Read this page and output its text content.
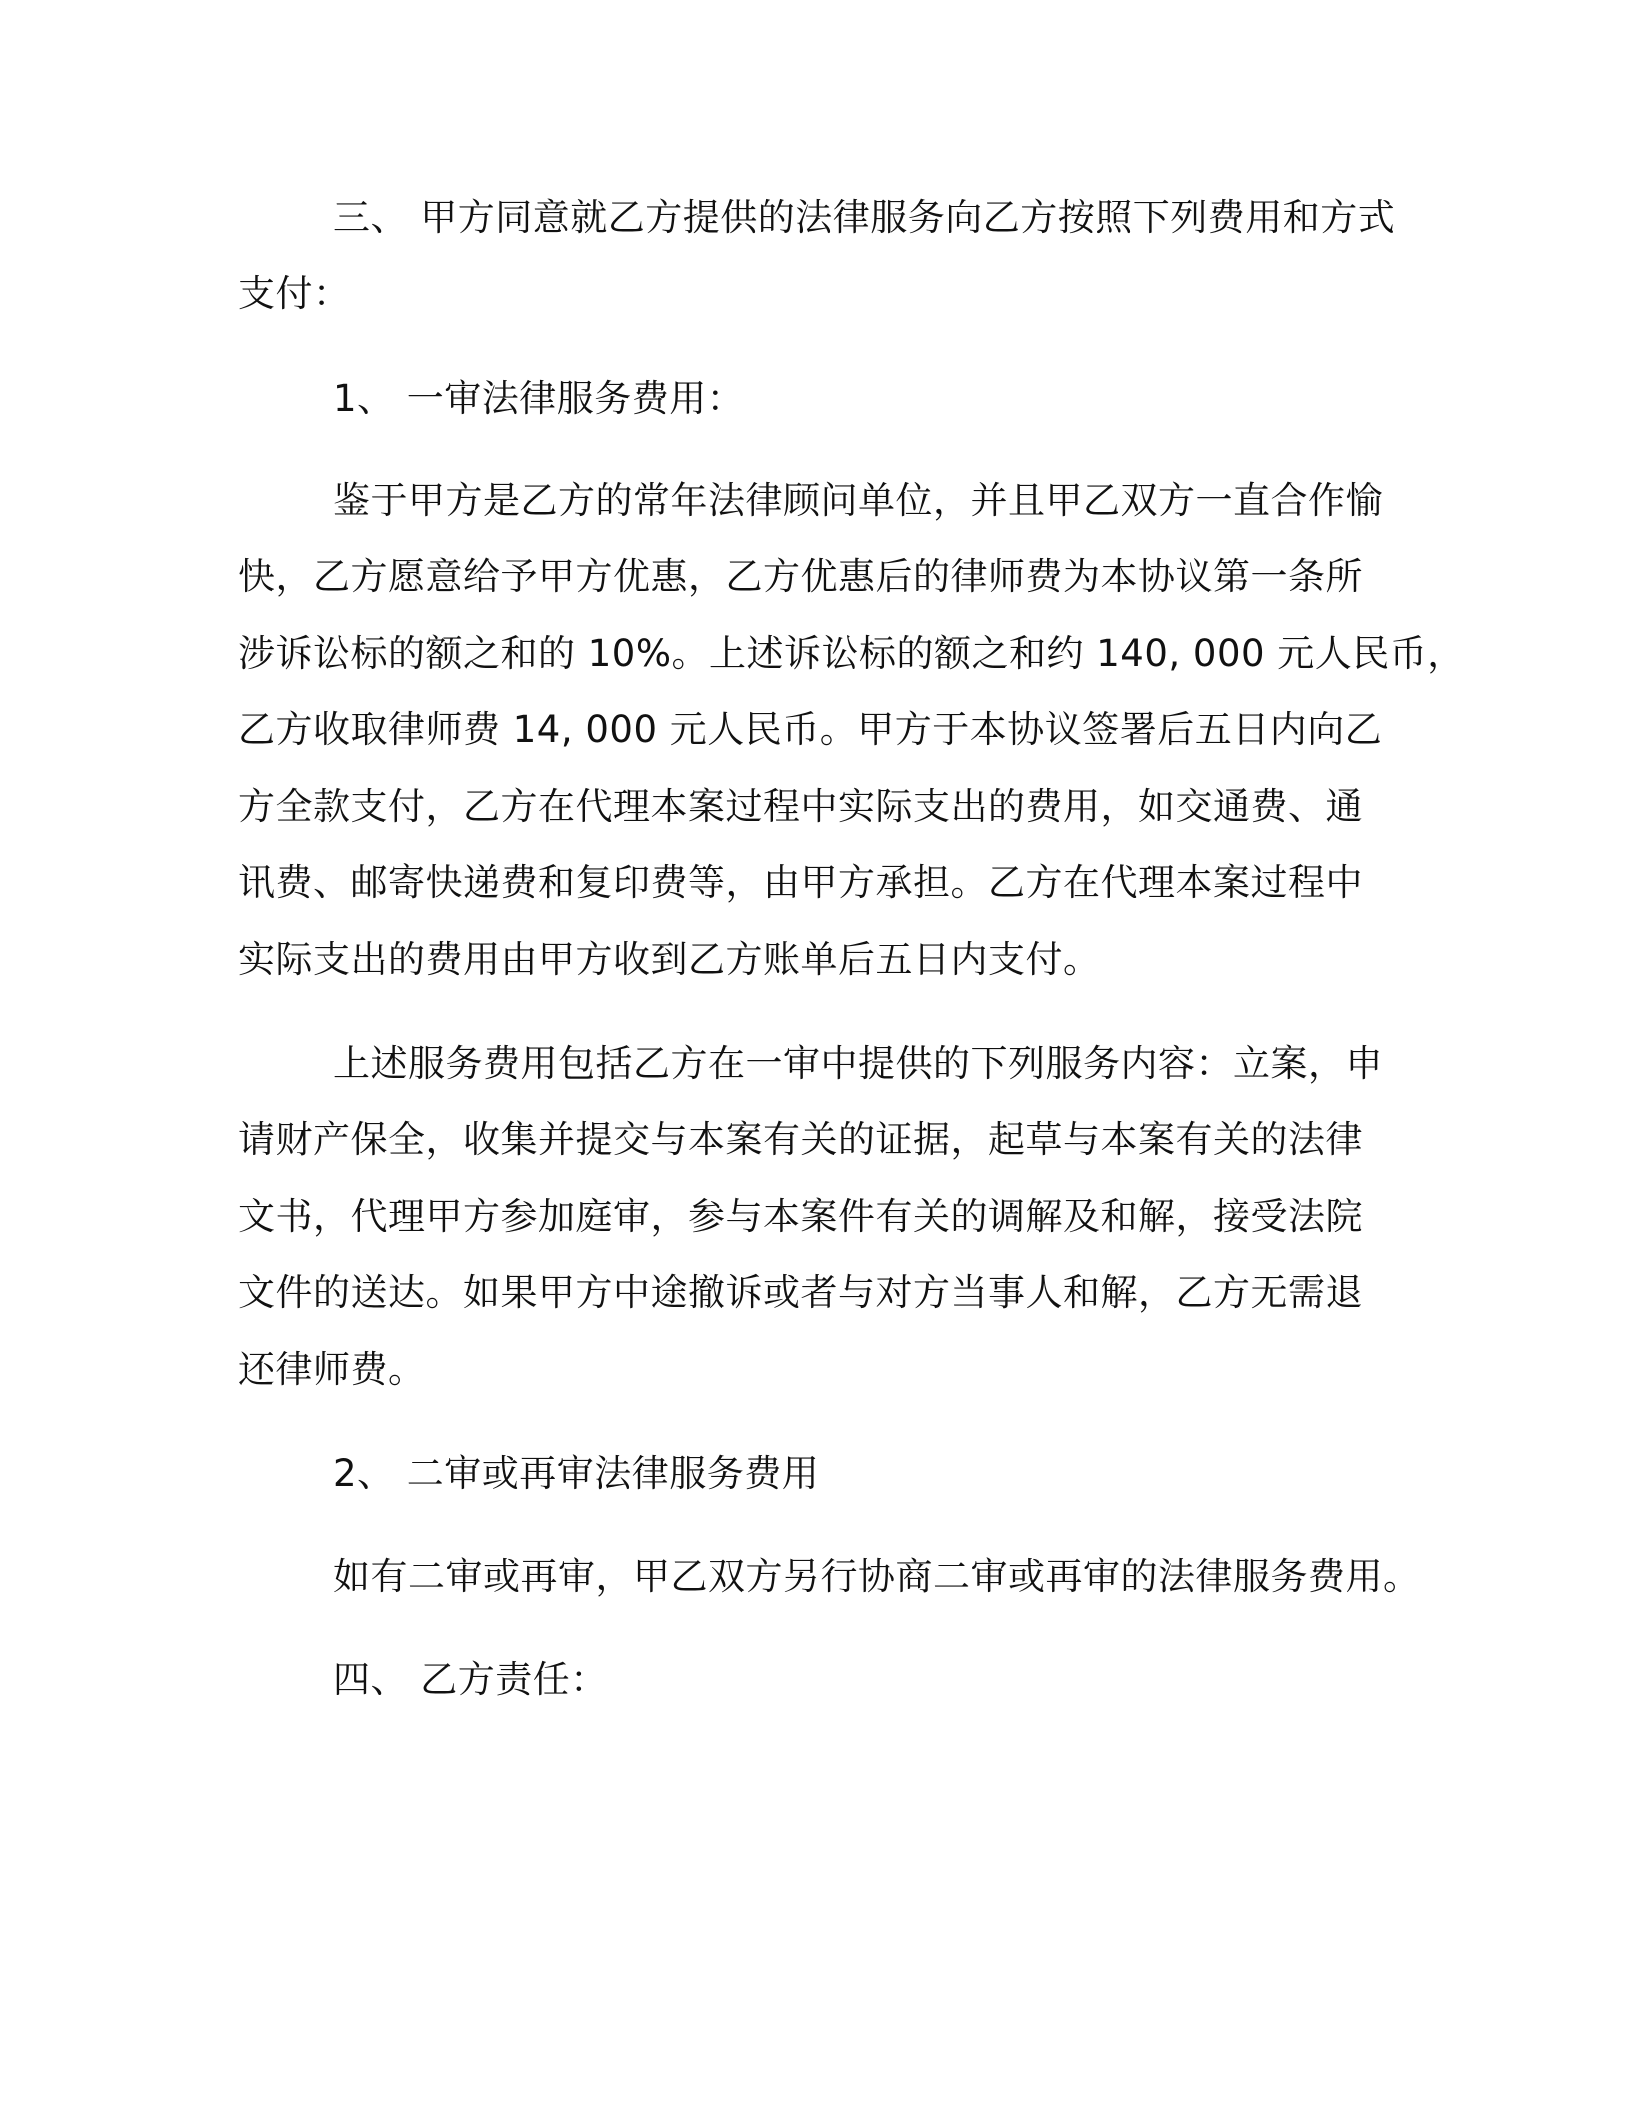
三、 甲方同意就乙方提供的法律服务向乙方按照下列费用和方式
支付：
1、 一审法律服务费用：
鉴于甲方是乙方的常年法律顾问单位，并且甲乙双方一直合作愉
快，乙方愿意给予甲方优惠，乙方优惠后的律师费为本协议第一条所
涉诉讼标的额之和的 10%。上述诉讼标的额之和约 140, 000 元人民币，
乙方收取律师费 14, 000 元人民币。甲方于本协议签署后五日内向乙
方全款支付，乙方在代理本案过程中实际支出的费用，如交通费、通
讯费、邮寄快递费和复印费等，由甲方承担。乙方在代理本案过程中
实际支出的费用由甲方收到乙方账单后五日内支付。
上述服务费用包括乙方在一审中提供的下列服务内容：立案，申
请财产保全，收集并提交与本案有关的证据，起草与本案有关的法律
文书，代理甲方参加庭审，参与本案件有关的调解及和解，接受法院
文件的送达。如果甲方中途撤诉或者与对方当事人和解，乙方无需退
还律师费。
2、 二审或再审法律服务费用
如有二审或再审，甲乙双方另行协商二审或再审的法律服务费用。
四、 乙方责任：
